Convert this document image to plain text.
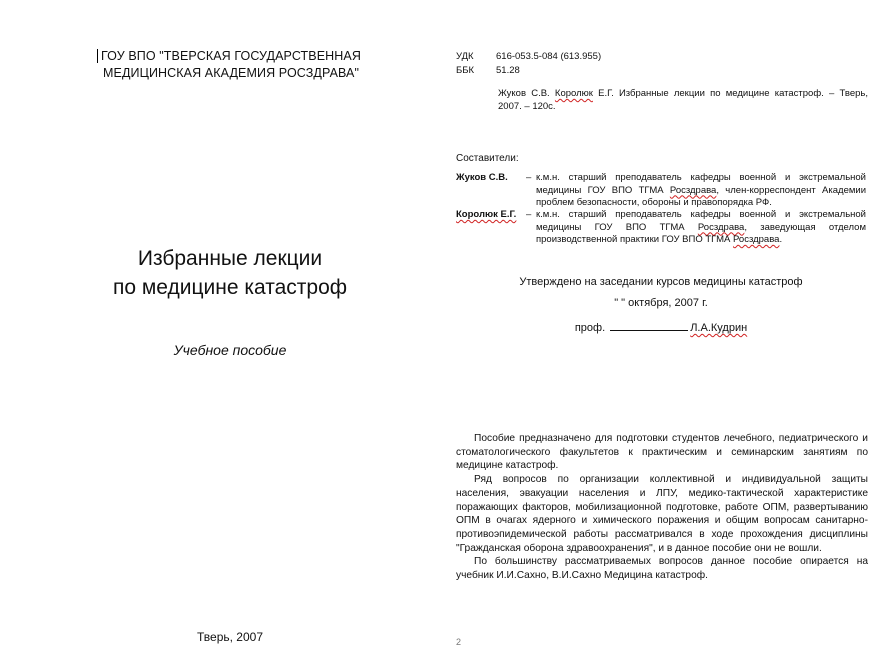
ГОУ ВПО "ТВЕРСКАЯ ГОСУДАРСТВЕННАЯ
МЕДИЦИНСКАЯ АКАДЕМИЯ РОСЗДРАВА"
Избранные лекции
по медицине катастроф
Учебное пособие
Тверь, 2007
УДК 616-053.5-084 (613.955)
ББК 51.28
Жуков С.В. Королюк Е.Г. Избранные лекции по медицине катастроф. – Тверь, 2007. – 120с.
Составители:
Жуков С.В.	– к.м.н. старший преподаватель кафедры военной и экстремальной медицины ГОУ ВПО ТГМА Росздрава, член-корреспондент Академии проблем безопасности, обороны и правопорядка РФ.
Королюк Е.Г.	– к.м.н. старший преподаватель кафедры военной и экстремальной медицины ГОУ ВПО ТГМА Росздрава, заведующая отделом производственной практики ГОУ ВПО ТГМА Росздрава.
Утверждено на заседании курсов медицины катастроф
" " октября, 2007 г.
проф.	Л.А.Кудрин

Пособие предназначено для подготовки студентов лечебного, педиатрического и стоматологического факультетов к практическим и семинарским занятиям по медицине катастроф.

Ряд вопросов по организации коллективной и индивидуальной защиты населения, эвакуации населения и ЛПУ, медико-тактической характеристике поражающих факторов, мобилизационной подготовке, работе ОПМ, развертыванию ОПМ в очагах ядерного и химического поражения и общим вопросам санитарно-противоэпидемической работы рассматривался в ходе прохождения дисциплины "Гражданская оборона здравоохранения", и в данное пособие они не вошли.

По большинству рассматриваемых вопросов данное пособие опирается на учебник И.И.Сахно, В.И.Сахно Медицина катастроф.

2
